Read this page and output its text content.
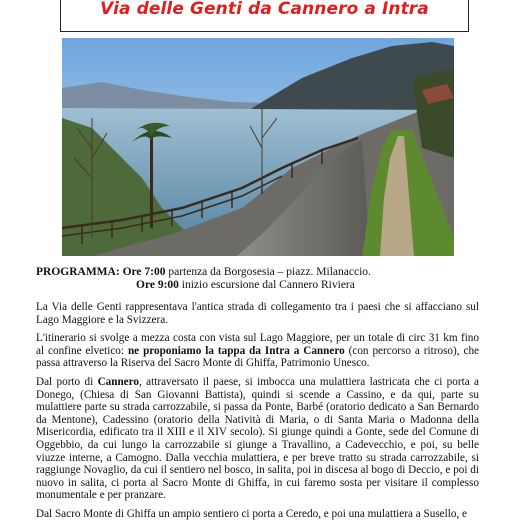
Via delle Genti da Cannero a Intra
PROGRAMMA: Ore 7:00 partenza da Borgosesia – piazz. Milanaccio.
Ore 9:00 inizio escursione dal Cannero Riviera

La Via delle Genti rappresentava l'antica strada di collegamento tra i paesi che si affacciano sul Lago Maggiore e la Svizzera.

L'itinerario si svolge a mezza costa con vista sul Lago Maggiore, per un totale di circ 31 km fino al confine elvetico: ne proponiamo la tappa da Intra a Cannero (con percorso a ritroso), che passa attraverso la Riserva del Sacro Monte di Ghiffa, Patrimonio Unesco.

Dal porto di Cannero, attraversato il paese, si imbocca una mulattiera lastricata che ci porta a Donego, (Chiesa di San Giovanni Battista), quindi si scende a Cassino, e da qui, parte su mulattiere parte su strada carrozzabile, si passa da Ponte, Barbé (oratorio dedicato a San Bernardo da Mentone), Cadessino (oratorio della Natività di Maria, o di Santa Maria o Madonna della Misericordia, edificato tra il XIII e il XIV secolo). Si giunge quindi a Gonte, sede del Comune di Oggebbio, da cui lungo la carrozzabile si giunge a Travallino, a Cadevecchio, e poi, su belle viuzze interne, a Camogno. Dalla vecchia mulattiera, e per breve tratto su strada carrozzabile, si raggiunge Novaglio, da cui il sentiero nel bosco, in salita, poi in discesa al bogo di Deccio, e poi di nuovo in salita, ci porta al Sacro Monte di Ghiffa, in cui faremo sosta per visitare il complesso monumentale e per pranzare.

Dal Sacro Monte di Ghiffa un ampio sentiero ci porta a Ceredo, e poi una mulattiera a Susello, e
